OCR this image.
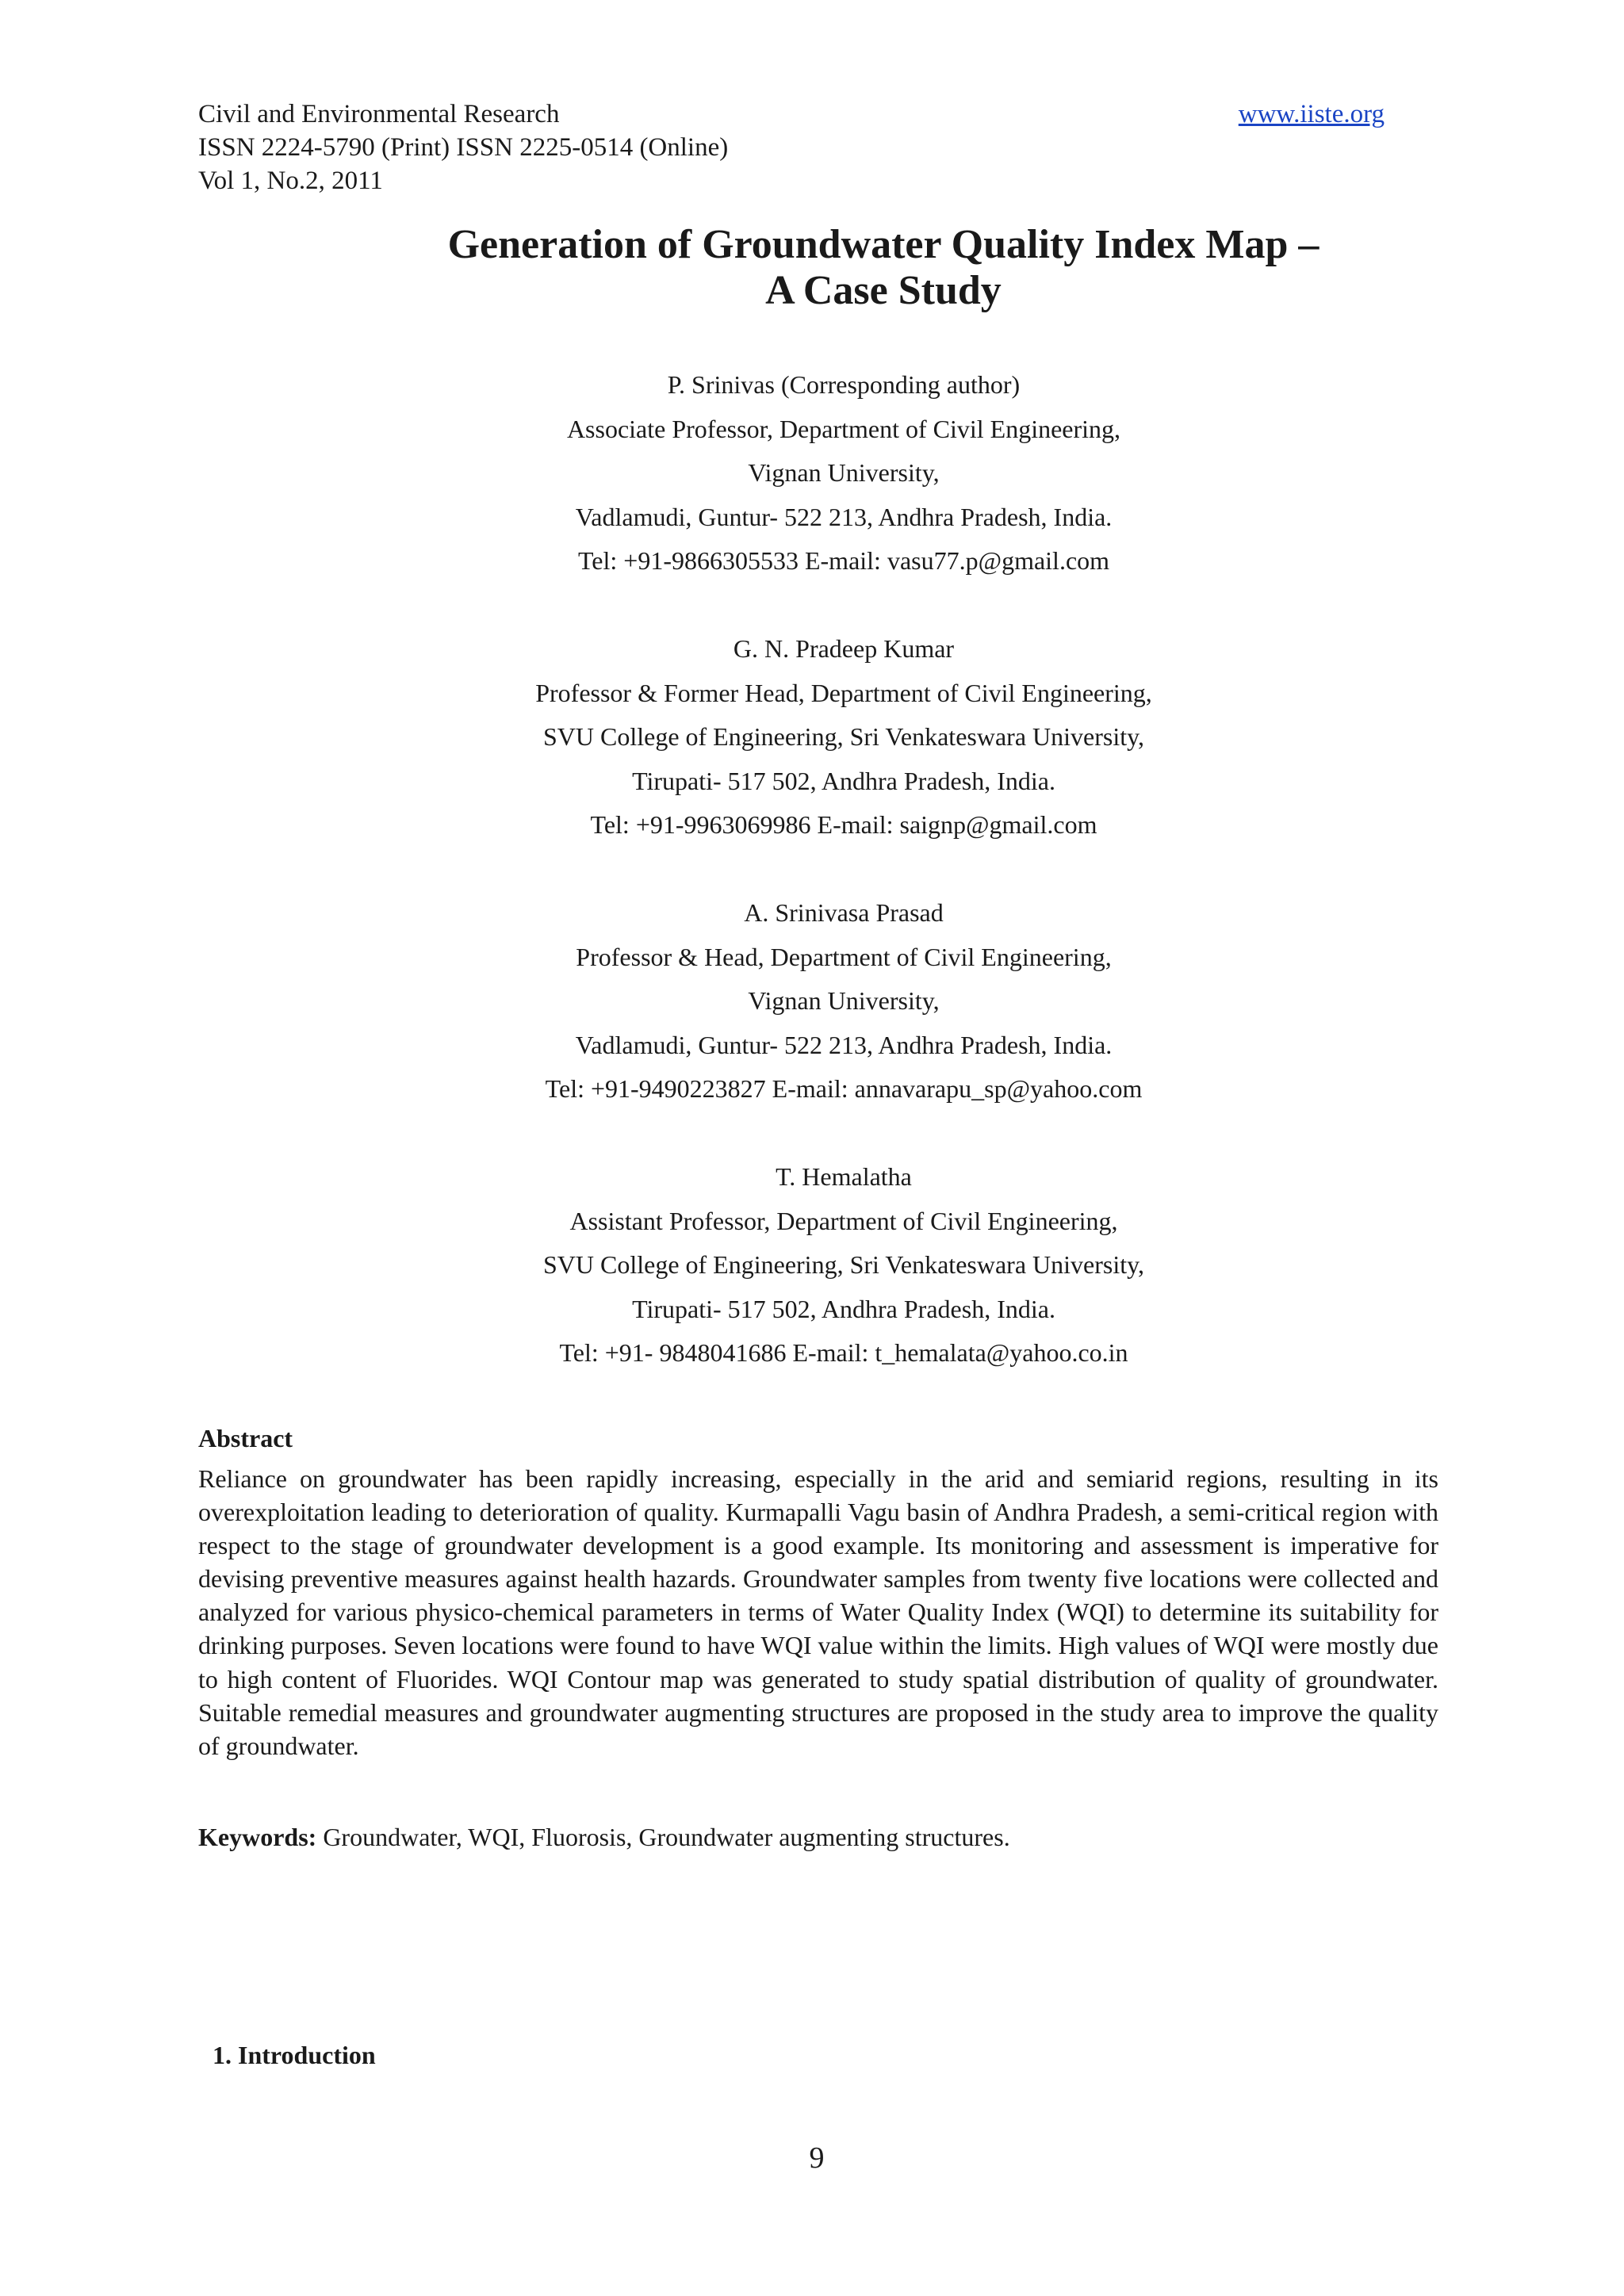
Civil and Environmental Research
ISSN 2224-5790 (Print) ISSN 2225-0514 (Online)
Vol 1, No.2, 2011
www.iiste.org
Generation of Groundwater Quality Index Map –
A Case Study
P. Srinivas (Corresponding author)
Associate Professor, Department of Civil Engineering,
Vignan University,
Vadlamudi, Guntur- 522 213, Andhra Pradesh, India.
Tel: +91-9866305533 E-mail: vasu77.p@gmail.com
G. N. Pradeep Kumar
Professor & Former Head, Department of Civil Engineering,
SVU College of Engineering, Sri Venkateswara University,
Tirupati- 517 502, Andhra Pradesh, India.
Tel: +91-9963069986 E-mail: saignp@gmail.com
A. Srinivasa Prasad
Professor & Head, Department of Civil Engineering,
Vignan University,
Vadlamudi, Guntur- 522 213, Andhra Pradesh, India.
Tel: +91-9490223827 E-mail: annavarapu_sp@yahoo.com
T. Hemalatha
Assistant Professor, Department of Civil Engineering,
SVU College of Engineering, Sri Venkateswara University,
Tirupati- 517 502, Andhra Pradesh, India.
Tel: +91- 9848041686 E-mail: t_hemalata@yahoo.co.in
Abstract
Reliance on groundwater has been rapidly increasing, especially in the arid and semiarid regions, resulting in its overexploitation leading to deterioration of quality. Kurmapalli Vagu basin of Andhra Pradesh, a semi-critical region with respect to the stage of groundwater development is a good example. Its monitoring and assessment is imperative for devising preventive measures against health hazards. Groundwater samples from twenty five locations were collected and analyzed for various physico-chemical parameters in terms of Water Quality Index (WQI) to determine its suitability for drinking purposes. Seven locations were found to have WQI value within the limits. High values of WQI were mostly due to high content of Fluorides. WQI Contour map was generated to study spatial distribution of quality of groundwater. Suitable remedial measures and groundwater augmenting structures are proposed in the study area to improve the quality of groundwater.
Keywords: Groundwater, WQI, Fluorosis, Groundwater augmenting structures.
1. Introduction
9
